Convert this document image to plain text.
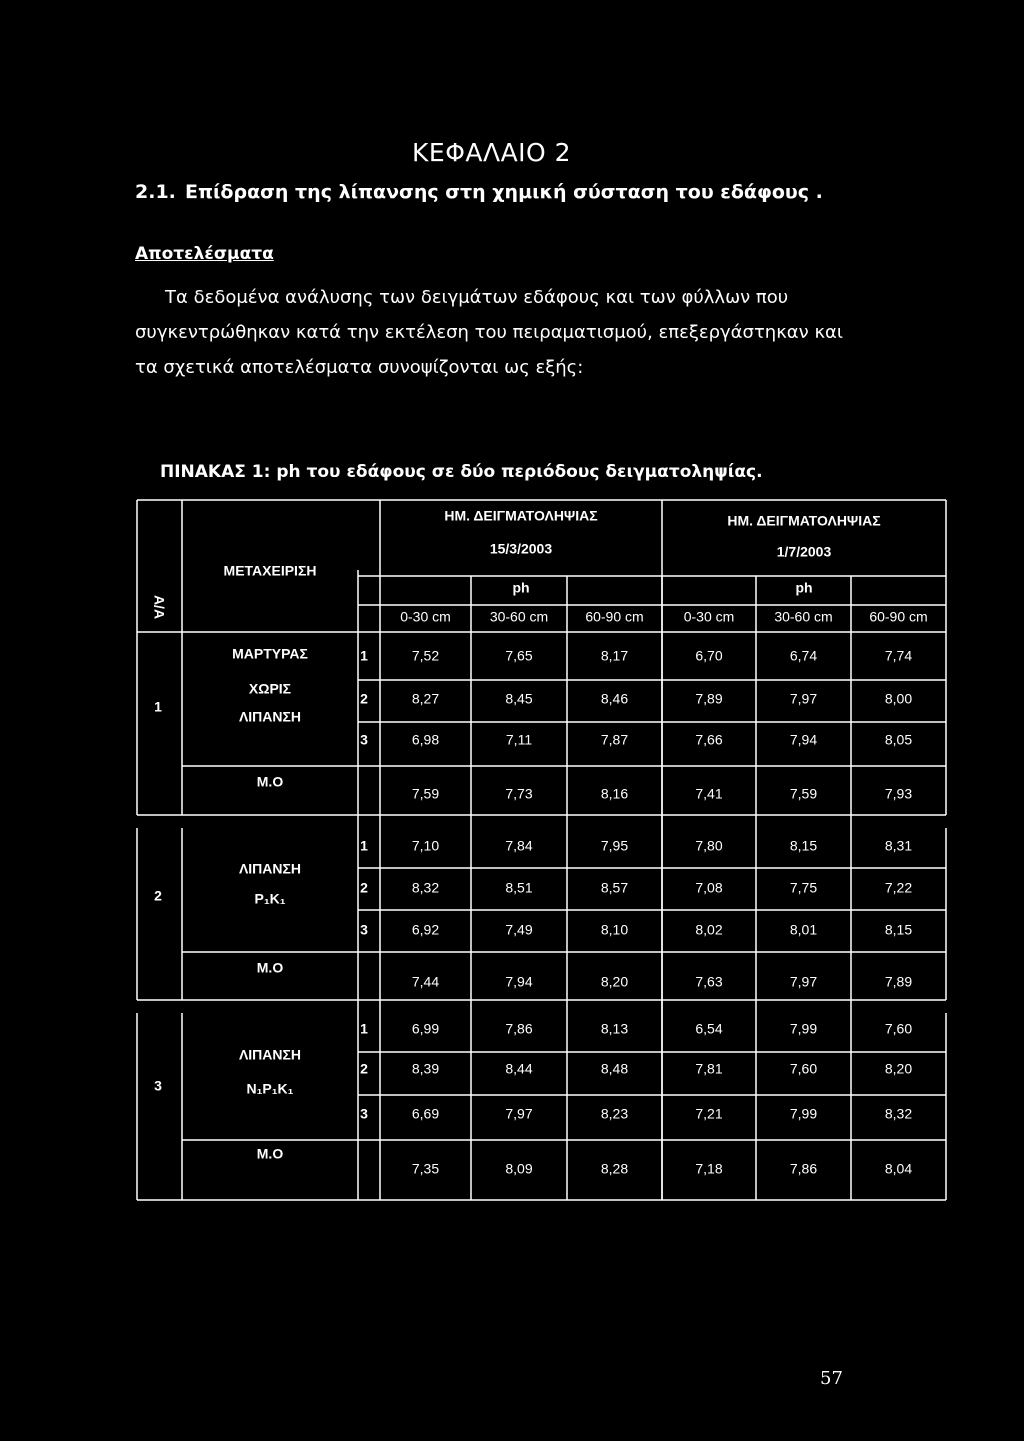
ΚΕΦΑΛΑΙΟ 2
2.1. Επίδραση της λίπανσης στη χημική σύσταση του εδάφους .
Αποτελέσματα
Τα δεδομένα ανάλυσης των δειγμάτων εδάφους και των φύλλων που
συγκεντρώθηκαν κατά την εκτέλεση του πειραματισμού, επεξεργάστηκαν και
τα σχετικά αποτελέσματα συνοψίζονται ως εξής:
ΠΙΝΑΚΑΣ 1: ph του εδάφους σε δύο περιόδους δειγματοληψίας.
Α/Α
ΜΕΤΑΧΕΙΡΙΣΗ
ΗΜ. ΔΕΙΓΜΑΤΟΛΗΨΙΑΣ
15/3/2003
ΗΜ. ΔΕΙΓΜΑΤΟΛΗΨΙΑΣ
1/7/2003
ph	ph
0-30 cm	30-60 cm	60-90 cm	0-30 cm	30-60 cm	60-90 cm
1
ΜΑΡΤΥΡΑΣ
ΧΩΡΙΣ
ΛΙΠΑΝΣΗ
Μ.Ο
1	7,52	7,65	8,17	6,70	6,74	7,74
2	8,27	8,45	8,46	7,89	7,97	8,00
3	6,98	7,11	7,87	7,66	7,94	8,05
7,59	7,73	8,16	7,41	7,59	7,93
2
ΛΙΠΑΝΣΗ
P₁K₁
Μ.Ο
1	7,10	7,84	7,95	7,80	8,15	8,31
2	8,32	8,51	8,57	7,08	7,75	7,22
3	6,92	7,49	8,10	8,02	8,01	8,15
7,44	7,94	8,20	7,63	7,97	7,89
3
ΛΙΠΑΝΣΗ
N₁P₁K₁
Μ.Ο
1	6,99	7,86	8,13	6,54	7,99	7,60
2	8,39	8,44	8,48	7,81	7,60	8,20
3	6,69	7,97	8,23	7,21	7,99	8,32
7,35	8,09	8,28	7,18	7,86	8,04
57
